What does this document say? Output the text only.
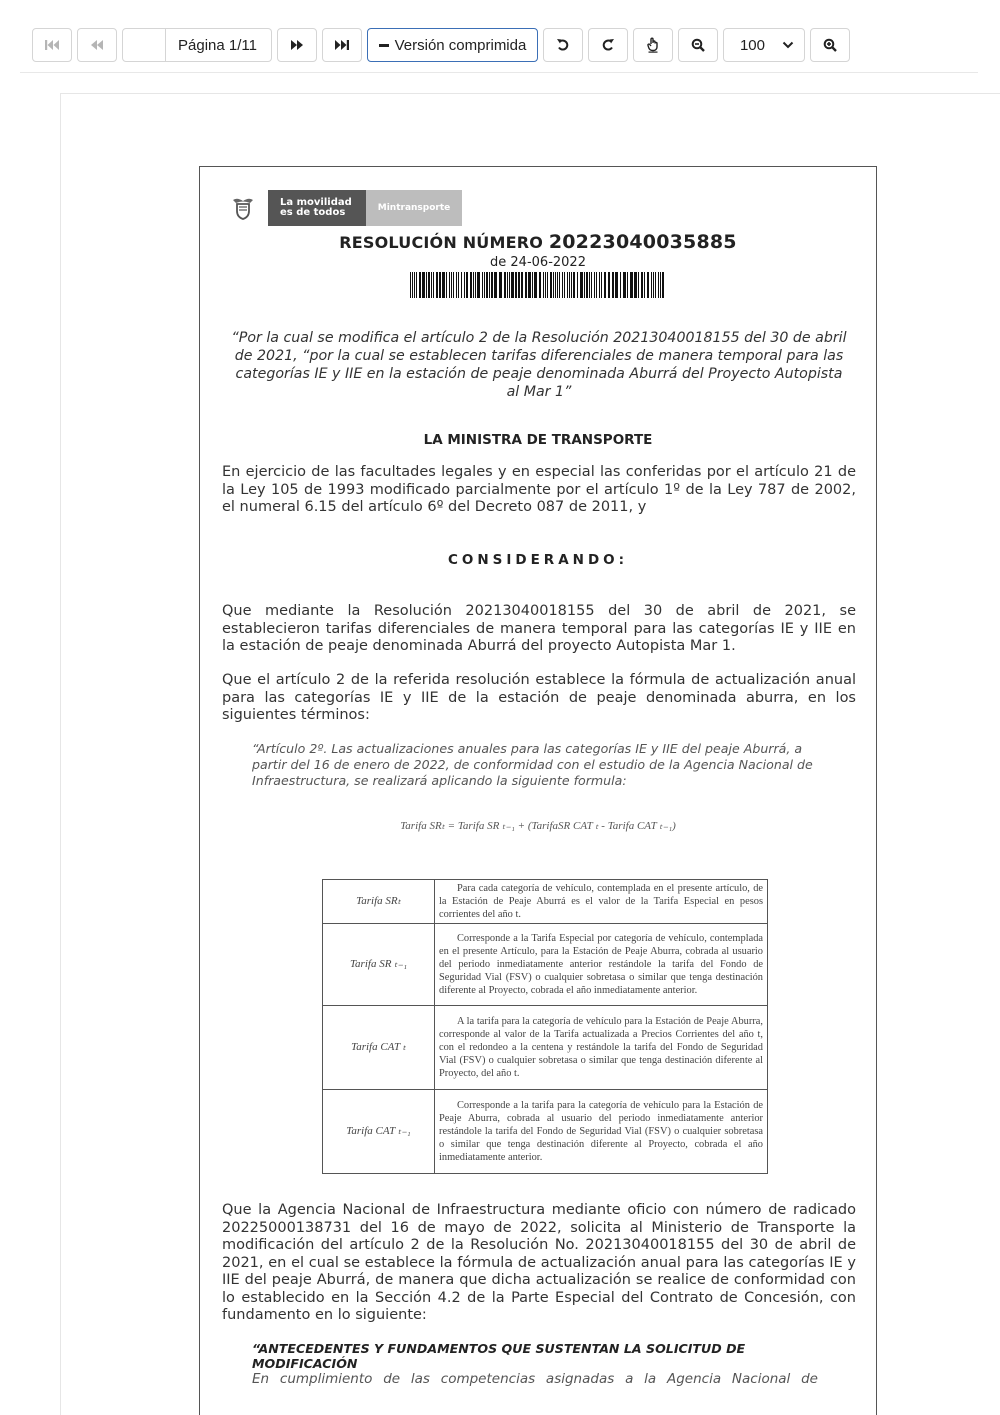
Página 1/11	Versión comprimida	100
La movilidad
es de todos	Mintransporte
RESOLUCIÓN NÚMERO 20223040035885
de 24-06-2022
“Por la cual se modifica el artículo 2 de la Resolución 20213040018155 del 30 de abril de 2021, “por la cual se establecen tarifas diferenciales de manera temporal para las categorías IE y IIE en la estación de peaje denominada Aburrá del Proyecto Autopista al Mar 1”
LA MINISTRA DE TRANSPORTE
En ejercicio de las facultades legales y en especial las conferidas por el artículo 21 de la Ley 105 de 1993 modificado parcialmente por el artículo 1º de la Ley 787 de 2002, el numeral 6.15 del artículo 6º del Decreto 087 de 2011, y
CONSIDERANDO:
Que mediante la Resolución 20213040018155 del 30 de abril de 2021, se establecieron tarifas diferenciales de manera temporal para las categorías IE y IIE en la estación de peaje denominada Aburrá del proyecto Autopista Mar 1.
Que el artículo 2 de la referida resolución establece la fórmula de actualización anual para las categorías IE y IIE de la estación de peaje denominada aburra, en los siguientes términos:
“Artículo 2º. Las actualizaciones anuales para las categorías IE y IIE del peaje Aburrá, a partir del 16 de enero de 2022, de conformidad con el estudio de la Agencia Nacional de Infraestructura, se realizará aplicando la siguiente formula:
Tarifa SRₜ = Tarifa SR ₜ₋₁ + (TarifaSR CAT ₜ - Tarifa CAT ₜ₋₁)
Tarifa SRₜ	Para cada categoría de vehículo, contemplada en el presente artículo, de la Estación de Peaje Aburrá es el valor de la Tarifa Especial en pesos corrientes del año t.
Tarifa SR ₜ₋₁	Corresponde a la Tarifa Especial por categoría de vehículo, contemplada en el presente Artículo, para la Estación de Peaje Aburra, cobrada al usuario del periodo inmediatamente anterior restándole la tarifa del Fondo de Seguridad Vial (FSV) o cualquier sobretasa o similar que tenga destinación diferente al Proyecto, cobrada el año inmediatamente anterior.
Tarifa CAT ₜ	A la tarifa para la categoría de vehículo para la Estación de Peaje Aburra, corresponde al valor de la Tarifa actualizada a Precios Corrientes del año t, con el redondeo a la centena y restándole la tarifa del Fondo de Seguridad Vial (FSV) o cualquier sobretasa o similar que tenga destinación diferente al Proyecto, del año t.
Tarifa CAT ₜ₋₁	Corresponde a la tarifa para la categoría de vehículo para la Estación de Peaje Aburra, cobrada al usuario del periodo inmediatamente anterior restándole la tarifa del Fondo de Seguridad Vial (FSV) o cualquier sobretasa o similar que tenga destinación diferente al Proyecto, cobrada el año inmediatamente anterior.
Que la Agencia Nacional de Infraestructura mediante oficio con número de radicado 20225000138731 del 16 de mayo de 2022, solicita al Ministerio de Transporte la modificación del artículo 2 de la Resolución No. 20213040018155 del 30 de abril de 2021, en el cual se establece la fórmula de actualización anual para las categorías IE y IIE del peaje Aburrá, de manera que dicha actualización se realice de conformidad con lo establecido en la Sección 4.2 de la Parte Especial del Contrato de Concesión, con fundamento en lo siguiente:
“ANTECEDENTES Y FUNDAMENTOS QUE SUSTENTAN LA SOLICITUD DE MODIFICACIÓN
En cumplimiento de las competencias asignadas a la Agencia Nacional de
